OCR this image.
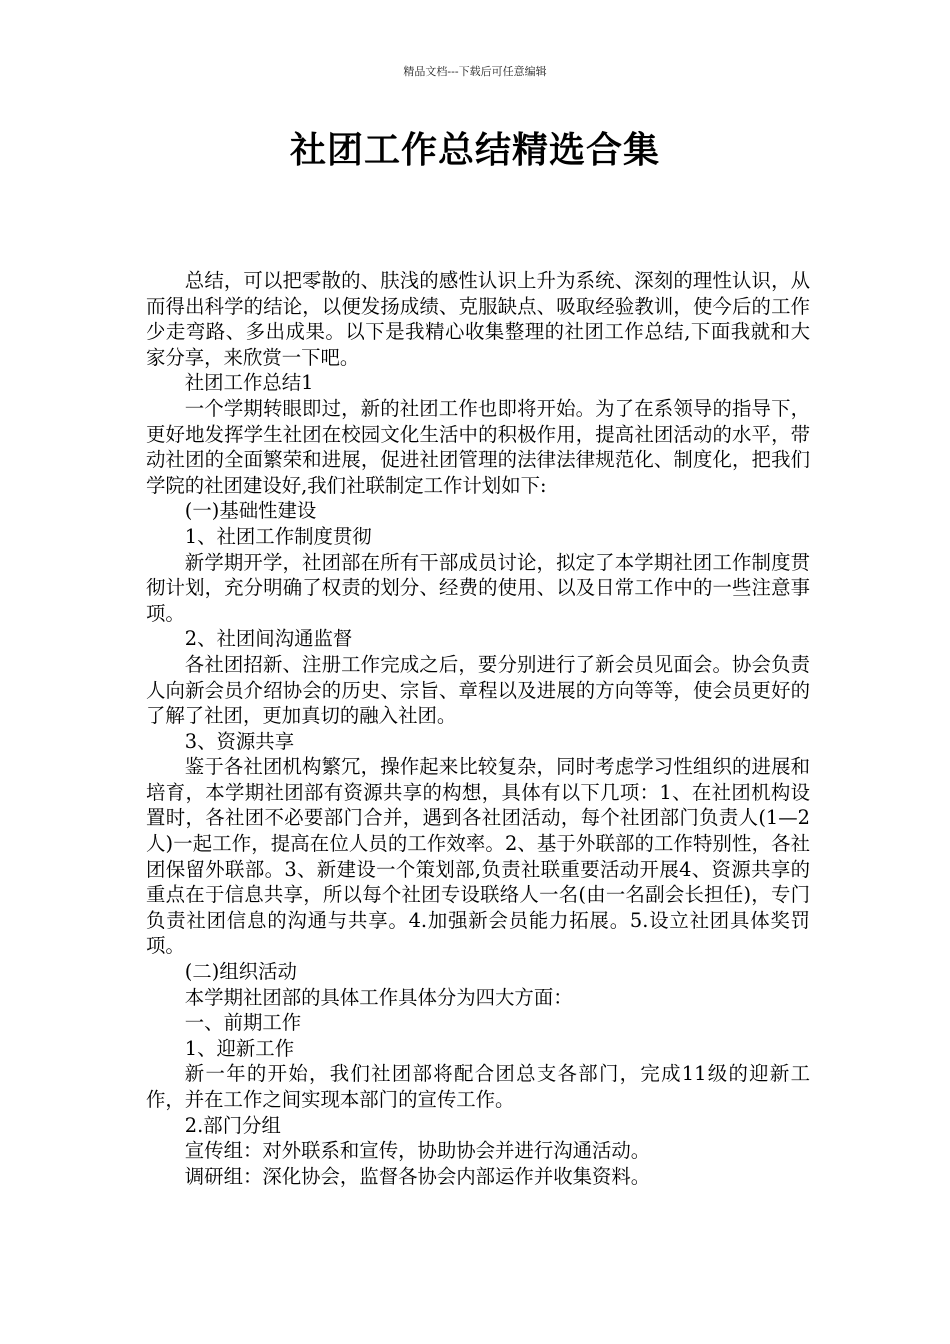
精品文档---下载后可任意编辑
社团工作总结精选合集

总结，可以把零散的、肤浅的感性认识上升为系统、深刻的理性认识，从而得出科学的结论，以便发扬成绩、克服缺点、吸取经验教训，使今后的工作少走弯路、多出成果。以下是我精心收集整理的社团工作总结,下面我就和大家分享，来欣赏一下吧。

社团工作总结1

一个学期转眼即过，新的社团工作也即将开始。为了在系领导的指导下，更好地发挥学生社团在校园文化生活中的积极作用，提高社团活动的水平，带动社团的全面繁荣和进展，促进社团管理的法律法律规范化、制度化，把我们学院的社团建设好,我们社联制定工作计划如下:

(一)基础性建设

1、社团工作制度贯彻

新学期开学，社团部在所有干部成员讨论，拟定了本学期社团工作制度贯彻计划，充分明确了权责的划分、经费的使用、以及日常工作中的一些注意事项。

2、社团间沟通监督

各社团招新、注册工作完成之后，要分别进行了新会员见面会。协会负责人向新会员介绍协会的历史、宗旨、章程以及进展的方向等等，使会员更好的了解了社团，更加真切的融入社团。

3、资源共享

鉴于各社团机构繁冗，操作起来比较复杂，同时考虑学习性组织的进展和培育，本学期社团部有资源共享的构想，具体有以下几项：1、在社团机构设置时，各社团不必要部门合并，遇到各社团活动，每个社团部门负责人(1—2人)一起工作，提高在位人员的工作效率。2、基于外联部的工作特别性，各社团保留外联部。3、新建设一个策划部,负责社联重要活动开展4、资源共享的重点在于信息共享，所以每个社团专设联络人一名(由一名副会长担任)，专门负责社团信息的沟通与共享。4.加强新会员能力拓展。5.设立社团具体奖罚项。

(二)组织活动

本学期社团部的具体工作具体分为四大方面：

一、前期工作

1、迎新工作

新一年的开始，我们社团部将配合团总支各部门，完成11级的迎新工作，并在工作之间实现本部门的宣传工作。

2.部门分组

宣传组：对外联系和宣传，协助协会并进行沟通活动。

调研组：深化协会，监督各协会内部运作并收集资料。
